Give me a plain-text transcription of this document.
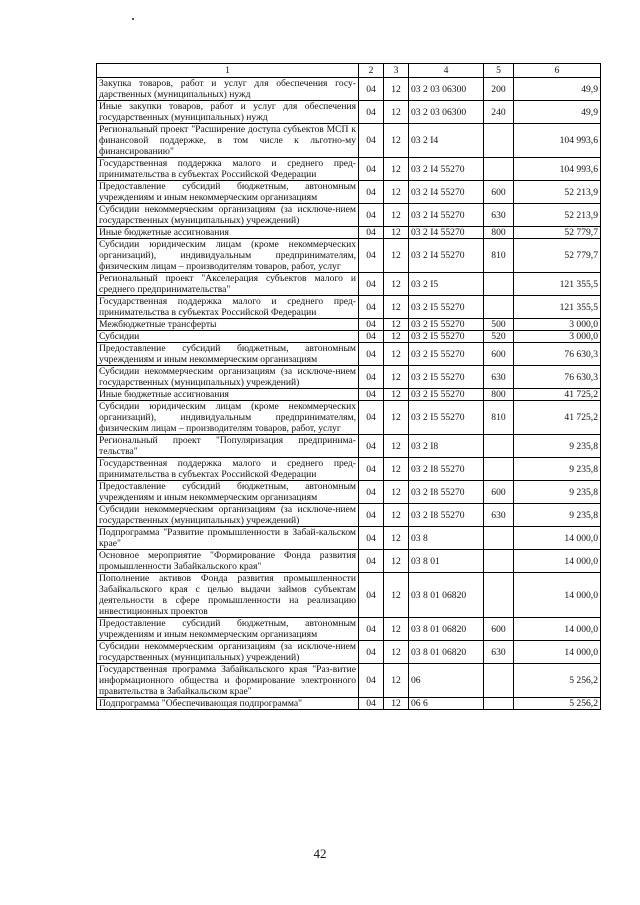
1	2	3	4	5	6
Закупка товаров, работ и услуг для обеспечения госу-дарственных (муниципальных) нужд	04	12	03 2 03 06300	200	49,9
Иные закупки товаров, работ и услуг для обеспечения государственных (муниципальных) нужд	04	12	03 2 03 06300	240	49,9
Региональный проект "Расширение доступа субъектов МСП к финансовой поддержке, в том числе к льготно-му финансированию"	04	12	03 2 I4		104 993,6
Государственная поддержка малого и среднего пред-принимательства в субъектах Российской Федерации	04	12	03 2 I4 55270		104 993,6
Предоставление субсидий бюджетным, автономным учреждениям и иным некоммерческим организациям	04	12	03 2 I4 55270	600	52 213,9
Субсидии некоммерческим организациям (за исключе-нием государственных (муниципальных) учреждений)	04	12	03 2 I4 55270	630	52 213,9
Иные бюджетные ассигнования	04	12	03 2 I4 55270	800	52 779,7
Субсидии юридическим лицам (кроме некоммерческих организаций), индивидуальным предпринимателям, физическим лицам – производителям товаров, работ, услуг	04	12	03 2 I4 55270	810	52 779,7
Региональный проект "Акселерация субъектов малого и среднего предпринимательства"	04	12	03 2 I5		121 355,5
Государственная поддержка малого и среднего пред-принимательства в субъектах Российской Федерации	04	12	03 2 I5 55270		121 355,5
Межбюджетные трансферты	04	12	03 2 I5 55270	500	3 000,0
Субсидии	04	12	03 2 I5 55270	520	3 000,0
Предоставление субсидий бюджетным, автономным учреждениям и иным некоммерческим организациям	04	12	03 2 I5 55270	600	76 630,3
Субсидии некоммерческим организациям (за исключе-нием государственных (муниципальных) учреждений)	04	12	03 2 I5 55270	630	76 630,3
Иные бюджетные ассигнования	04	12	03 2 I5 55270	800	41 725,2
Субсидии юридическим лицам (кроме некоммерческих организаций), индивидуальным предпринимателям, физическим лицам – производителям товаров, работ, услуг	04	12	03 2 I5 55270	810	41 725,2
Региональный проект "Популяризация предпринима-тельства"	04	12	03 2 I8		9 235,8
Государственная поддержка малого и среднего пред-принимательства в субъектах Российской Федерации	04	12	03 2 I8 55270		9 235,8
Предоставление субсидий бюджетным, автономным учреждениям и иным некоммерческим организациям	04	12	03 2 I8 55270	600	9 235,8
Субсидии некоммерческим организациям (за исключе-нием государственных (муниципальных) учреждений)	04	12	03 2 I8 55270	630	9 235,8
Подпрограмма "Развитие промышленности в Забай-кальском крае"	04	12	03 8		14 000,0
Основное мероприятие "Формирование Фонда развития промышленности Забайкальского края"	04	12	03 8 01		14 000,0
Пополнение активов Фонда развития промышленности Забайкальского края с целью выдачи займов субъектам деятельности в сфере промышленности на реализацию инвестиционных проектов	04	12	03 8 01 06820		14 000,0
Предоставление субсидий бюджетным, автономным учреждениям и иным некоммерческим организациям	04	12	03 8 01 06820	600	14 000,0
Субсидии некоммерческим организациям (за исключе-нием государственных (муниципальных) учреждений)	04	12	03 8 01 06820	630	14 000,0
Государственная программа Забайкальского края "Раз-витие информационного общества и формирование электронного правительства в Забайкальском крае"	04	12	06		5 256,2
Подпрограмма "Обеспечивающая подпрограмма"	04	12	06 6		5 256,2
42
